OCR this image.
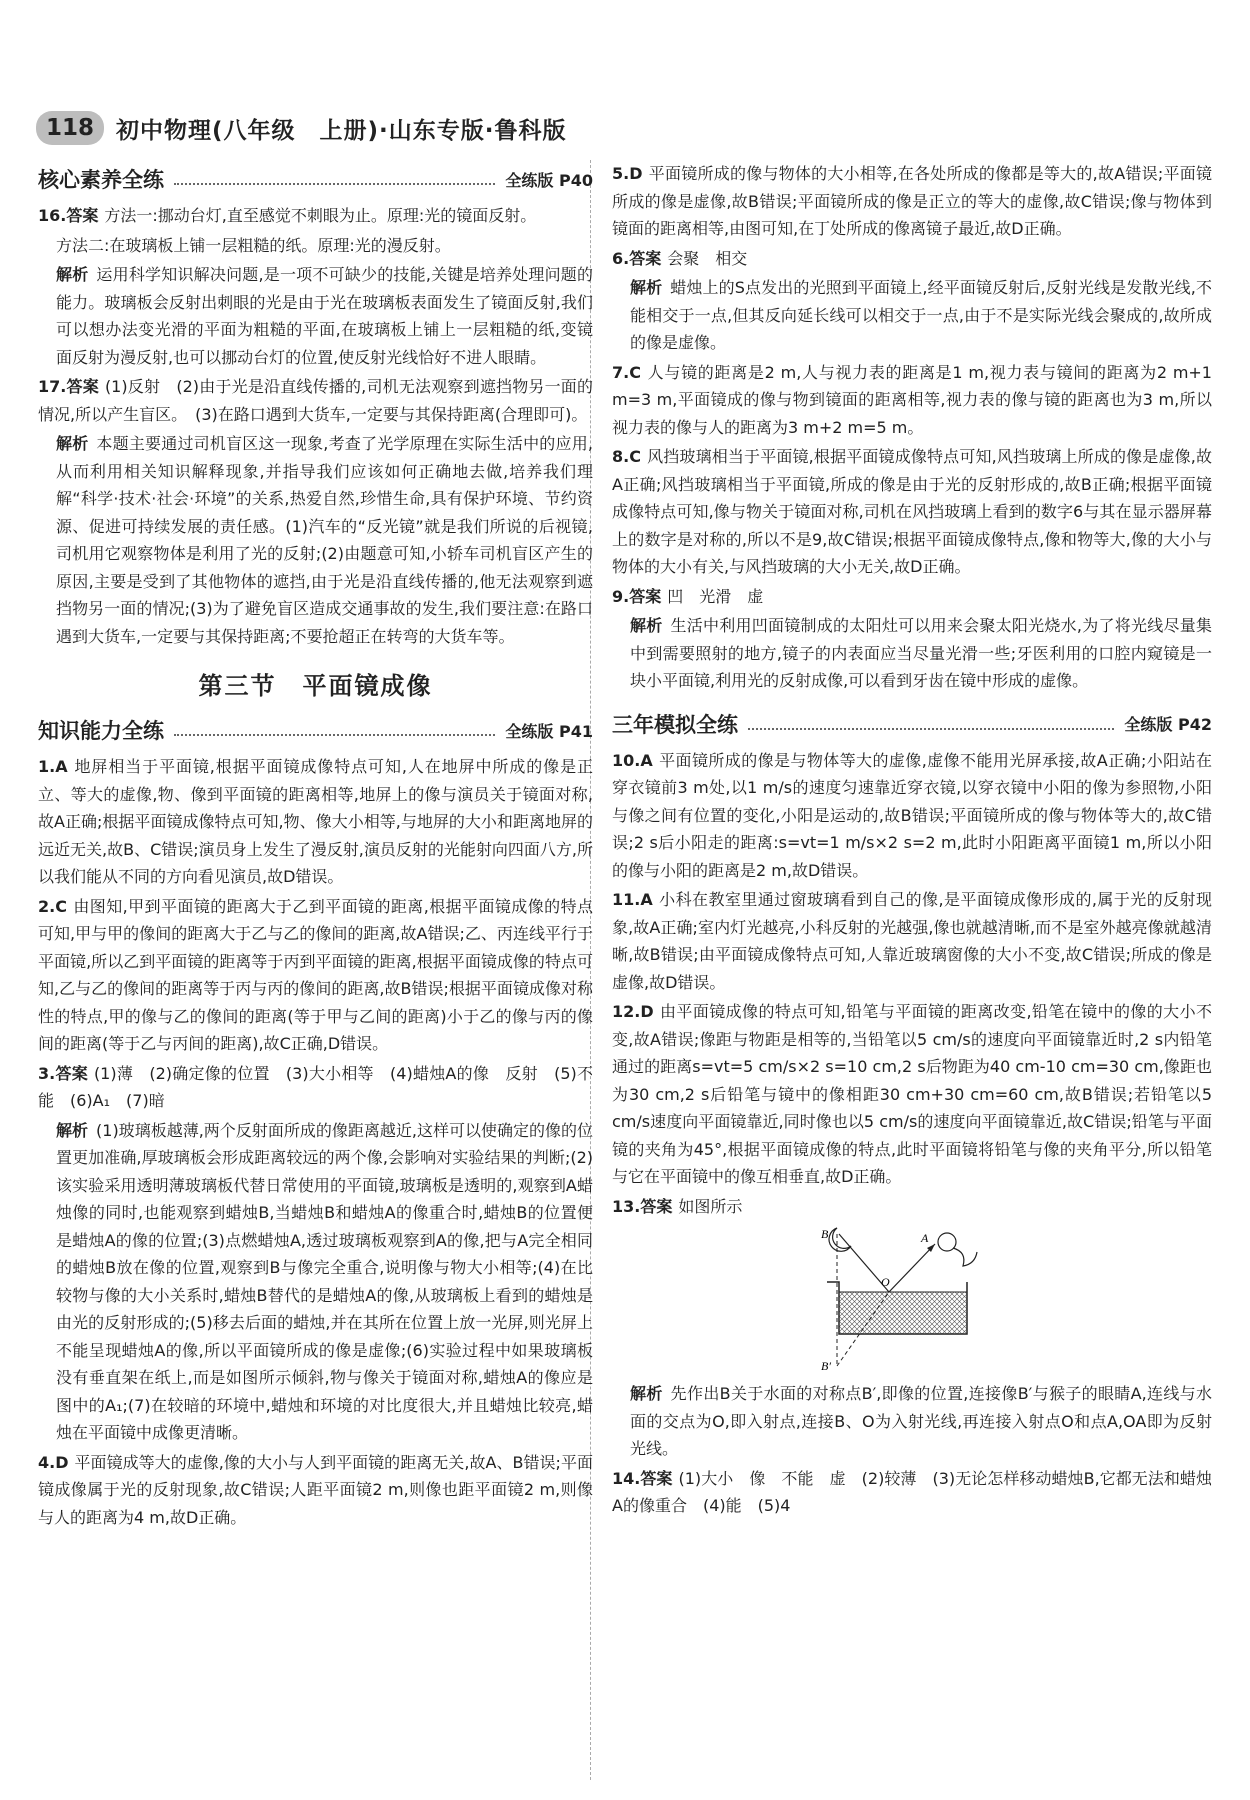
118 初中物理(八年级　上册)·山东专版·鲁科版
核心素养全练	全练版 P40

16.答案 方法一:挪动台灯,直至感觉不刺眼为止。原理:光的镜面反射。

方法二:在玻璃板上铺一层粗糙的纸。原理:光的漫反射。

解析 运用科学知识解决问题,是一项不可缺少的技能,关键是培养处理问题的能力。玻璃板会反射出刺眼的光是由于光在玻璃板表面发生了镜面反射,我们可以想办法变光滑的平面为粗糙的平面,在玻璃板上铺上一层粗糙的纸,变镜面反射为漫反射,也可以挪动台灯的位置,使反射光线恰好不进人眼睛。

17.答案 (1)反射　(2)由于光是沿直线传播的,司机无法观察到遮挡物另一面的情况,所以产生盲区。　(3)在路口遇到大货车,一定要与其保持距离(合理即可)。

解析 本题主要通过司机盲区这一现象,考查了光学原理在实际生活中的应用,从而利用相关知识解释现象,并指导我们应该如何正确地去做,培养我们理解“科学·技术·社会·环境”的关系,热爱自然,珍惜生命,具有保护环境、节约资源、促进可持续发展的责任感。(1)汽车的“反光镜”就是我们所说的后视镜,司机用它观察物体是利用了光的反射;(2)由题意可知,小轿车司机盲区产生的原因,主要是受到了其他物体的遮挡,由于光是沿直线传播的,他无法观察到遮挡物另一面的情况;(3)为了避免盲区造成交通事故的发生,我们要注意:在路口遇到大货车,一定要与其保持距离;不要抢超正在转弯的大货车等。

第三节　平面镜成像
知识能力全练	全练版 P41

1.A 地屏相当于平面镜,根据平面镜成像特点可知,人在地屏中所成的像是正立、等大的虚像,物、像到平面镜的距离相等,地屏上的像与演员关于镜面对称,故A正确;根据平面镜成像特点可知,物、像大小相等,与地屏的大小和距离地屏的远近无关,故B、C错误;演员身上发生了漫反射,演员反射的光能射向四面八方,所以我们能从不同的方向看见演员,故D错误。

2.C 由图知,甲到平面镜的距离大于乙到平面镜的距离,根据平面镜成像的特点可知,甲与甲的像间的距离大于乙与乙的像间的距离,故A错误;乙、丙连线平行于平面镜,所以乙到平面镜的距离等于丙到平面镜的距离,根据平面镜成像的特点可知,乙与乙的像间的距离等于丙与丙的像间的距离,故B错误;根据平面镜成像对称性的特点,甲的像与乙的像间的距离(等于甲与乙间的距离)小于乙的像与丙的像间的距离(等于乙与丙间的距离),故C正确,D错误。

3.答案 (1)薄　(2)确定像的位置　(3)大小相等　(4)蜡烛A的像　反射　(5)不能　(6)A₁　(7)暗

解析 (1)玻璃板越薄,两个反射面所成的像距离越近,这样可以使确定的像的位置更加准确,厚玻璃板会形成距离较远的两个像,会影响对实验结果的判断;(2)该实验采用透明薄玻璃板代替日常使用的平面镜,玻璃板是透明的,观察到A蜡烛像的同时,也能观察到蜡烛B,当蜡烛B和蜡烛A的像重合时,蜡烛B的位置便是蜡烛A的像的位置;(3)点燃蜡烛A,透过玻璃板观察到A的像,把与A完全相同的蜡烛B放在像的位置,观察到B与像完全重合,说明像与物大小相等;(4)在比较物与像的大小关系时,蜡烛B替代的是蜡烛A的像,从玻璃板上看到的蜡烛是由光的反射形成的;(5)移去后面的蜡烛,并在其所在位置上放一光屏,则光屏上不能呈现蜡烛A的像,所以平面镜所成的像是虚像;(6)实验过程中如果玻璃板没有垂直架在纸上,而是如图所示倾斜,物与像关于镜面对称,蜡烛A的像应是图中的A₁;(7)在较暗的环境中,蜡烛和环境的对比度很大,并且蜡烛比较亮,蜡烛在平面镜中成像更清晰。

4.D 平面镜成等大的虚像,像的大小与人到平面镜的距离无关,故A、B错误;平面镜成像属于光的反射现象,故C错误;人距平面镜2 m,则像也距平面镜2 m,则像与人的距离为4 m,故D正确。

5.D 平面镜所成的像与物体的大小相等,在各处所成的像都是等大的,故A错误;平面镜所成的像是虚像,故B错误;平面镜所成的像是正立的等大的虚像,故C错误;像与物体到镜面的距离相等,由图可知,在丁处所成的像离镜子最近,故D正确。

6.答案 会聚　相交

解析 蜡烛上的S点发出的光照到平面镜上,经平面镜反射后,反射光线是发散光线,不能相交于一点,但其反向延长线可以相交于一点,由于不是实际光线会聚成的,故所成的像是虚像。

7.C 人与镜的距离是2 m,人与视力表的距离是1 m,视力表与镜间的距离为2 m+1 m=3 m,平面镜成的像与物到镜面的距离相等,视力表的像与镜的距离也为3 m,所以视力表的像与人的距离为3 m+2 m=5 m。

8.C 风挡玻璃相当于平面镜,根据平面镜成像特点可知,风挡玻璃上所成的像是虚像,故A正确;风挡玻璃相当于平面镜,所成的像是由于光的反射形成的,故B正确;根据平面镜成像特点可知,像与物关于镜面对称,司机在风挡玻璃上看到的数字6与其在显示器屏幕上的数字是对称的,所以不是9,故C错误;根据平面镜成像特点,像和物等大,像的大小与物体的大小有关,与风挡玻璃的大小无关,故D正确。

9.答案 凹　光滑　虚

解析 生活中利用凹面镜制成的太阳灶可以用来会聚太阳光烧水,为了将光线尽量集中到需要照射的地方,镜子的内表面应当尽量光滑一些;牙医利用的口腔内窥镜是一块小平面镜,利用光的反射成像,可以看到牙齿在镜中形成的虚像。

三年模拟全练	全练版 P42

10.A 平面镜所成的像是与物体等大的虚像,虚像不能用光屏承接,故A正确;小阳站在穿衣镜前3 m处,以1 m/s的速度匀速靠近穿衣镜,以穿衣镜中小阳的像为参照物,小阳与像之间有位置的变化,小阳是运动的,故B错误;平面镜所成的像与物体等大的,故C错误;2 s后小阳走的距离:s=vt=1 m/s×2 s=2 m,此时小阳距离平面镜1 m,所以小阳的像与小阳的距离是2 m,故D错误。

11.A 小科在教室里通过窗玻璃看到自己的像,是平面镜成像形成的,属于光的反射现象,故A正确;室内灯光越亮,小科反射的光越强,像也就越清晰,而不是室外越亮像就越清晰,故B错误;由平面镜成像特点可知,人靠近玻璃窗像的大小不变,故C错误;所成的像是虚像,故D错误。

12.D 由平面镜成像的特点可知,铅笔与平面镜的距离改变,铅笔在镜中的像的大小不变,故A错误;像距与物距是相等的,当铅笔以5 cm/s的速度向平面镜靠近时,2 s内铅笔通过的距离s=vt=5 cm/s×2 s=10 cm,2 s后物距为40 cm-10 cm=30 cm,像距也为30 cm,2 s后铅笔与镜中的像相距30 cm+30 cm=60 cm,故B错误;若铅笔以5 cm/s速度向平面镜靠近,同时像也以5 cm/s的速度向平面镜靠近,故C错误;铅笔与平面镜的夹角为45°,根据平面镜成像的特点,此时平面镜将铅笔与像的夹角平分,所以铅笔与它在平面镜中的像互相垂直,故D正确。

13.答案 如图所示

B	A
O
B′

解析 先作出B关于水面的对称点B′,即像的位置,连接像B′与猴子的眼睛A,连线与水面的交点为O,即入射点,连接B、O为入射光线,再连接入射点O和点A,OA即为反射光线。

14.答案 (1)大小　像　不能　虚　(2)较薄　(3)无论怎样移动蜡烛B,它都无法和蜡烛A的像重合　(4)能　(5)4
